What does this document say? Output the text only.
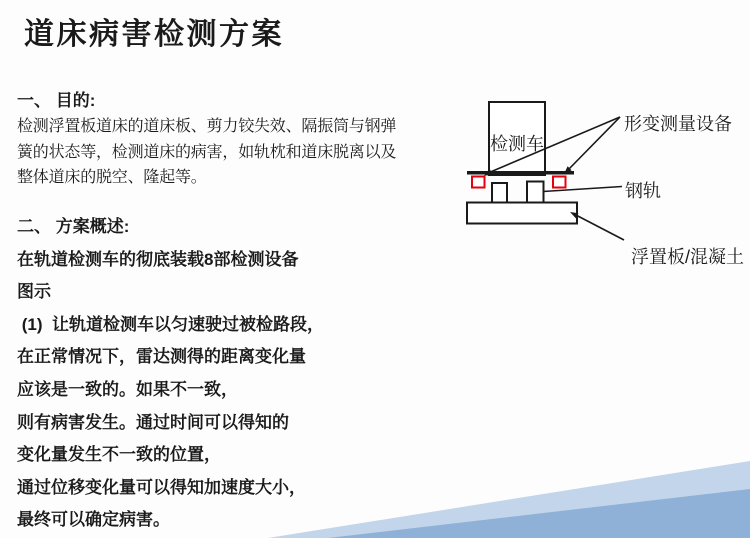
道床病害检测方案
一、 目的:
检测浮置板道床的道床板、剪力铰失效、隔振筒与钢弹
簧的状态等，检测道床的病害，如轨枕和道床脱离以及
整体道床的脱空、隆起等。
二、 方案概述:
在轨道检测车的彻底装载8部检测设备
图示
(1)  让轨道检测车以匀速驶过被检路段，
在正常情况下，雷达测得的距离变化量
应该是一致的。如果不一致，
则有病害发生。通过时间可以得知的
变化量发生不一致的位置，
通过位移变化量可以得知加速度大小，
最终可以确定病害。
检测车
形变测量设备
钢轨
浮置板/混凝土
